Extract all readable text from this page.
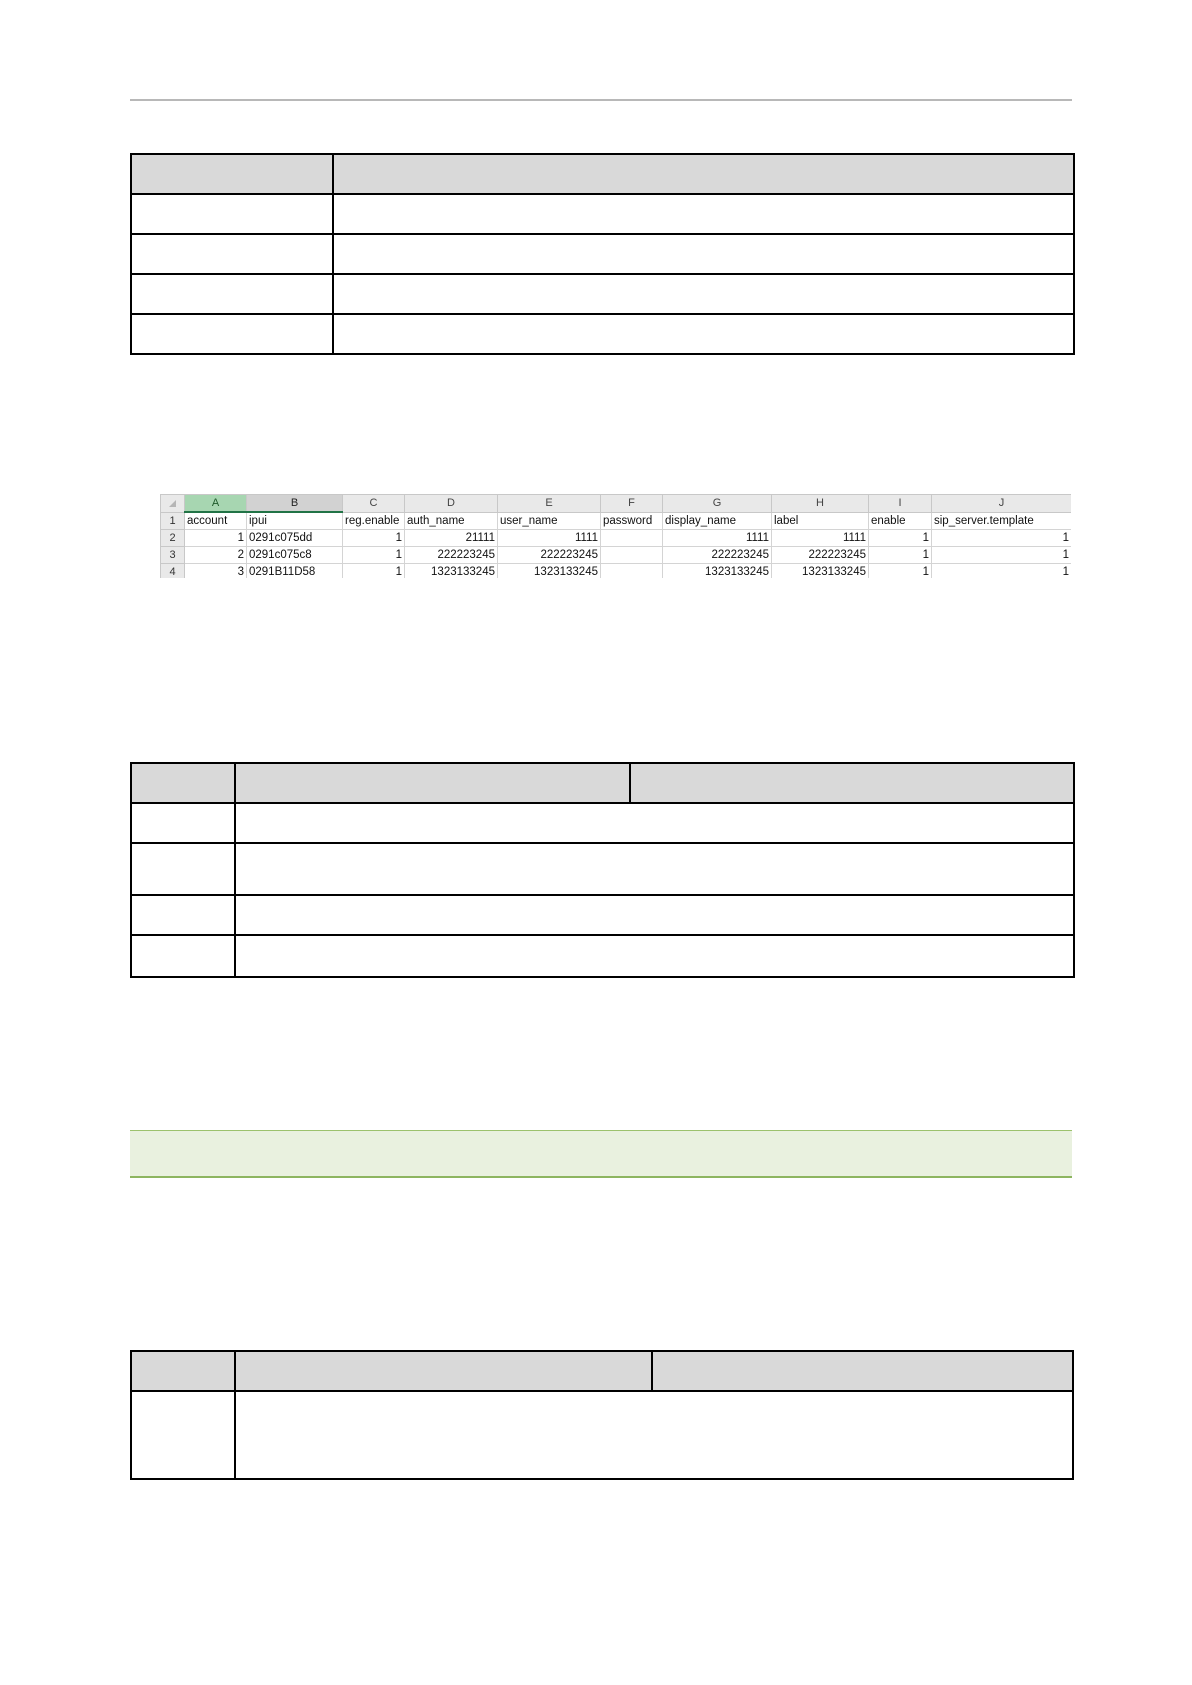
	A	B	C	D	E	F	G	H	I	J
1	account	ipui	reg.enable	auth_name	user_name	password	display_name	label	enable	sip_server.template
2	1	0291c075dd	1	21111	1111		1111	1111	1	1
3	2	0291c075c8	1	222223245	222223245		222223245	222223245	1	1
4	3	0291B11D58	1	1323133245	1323133245		1323133245	1323133245	1	1
